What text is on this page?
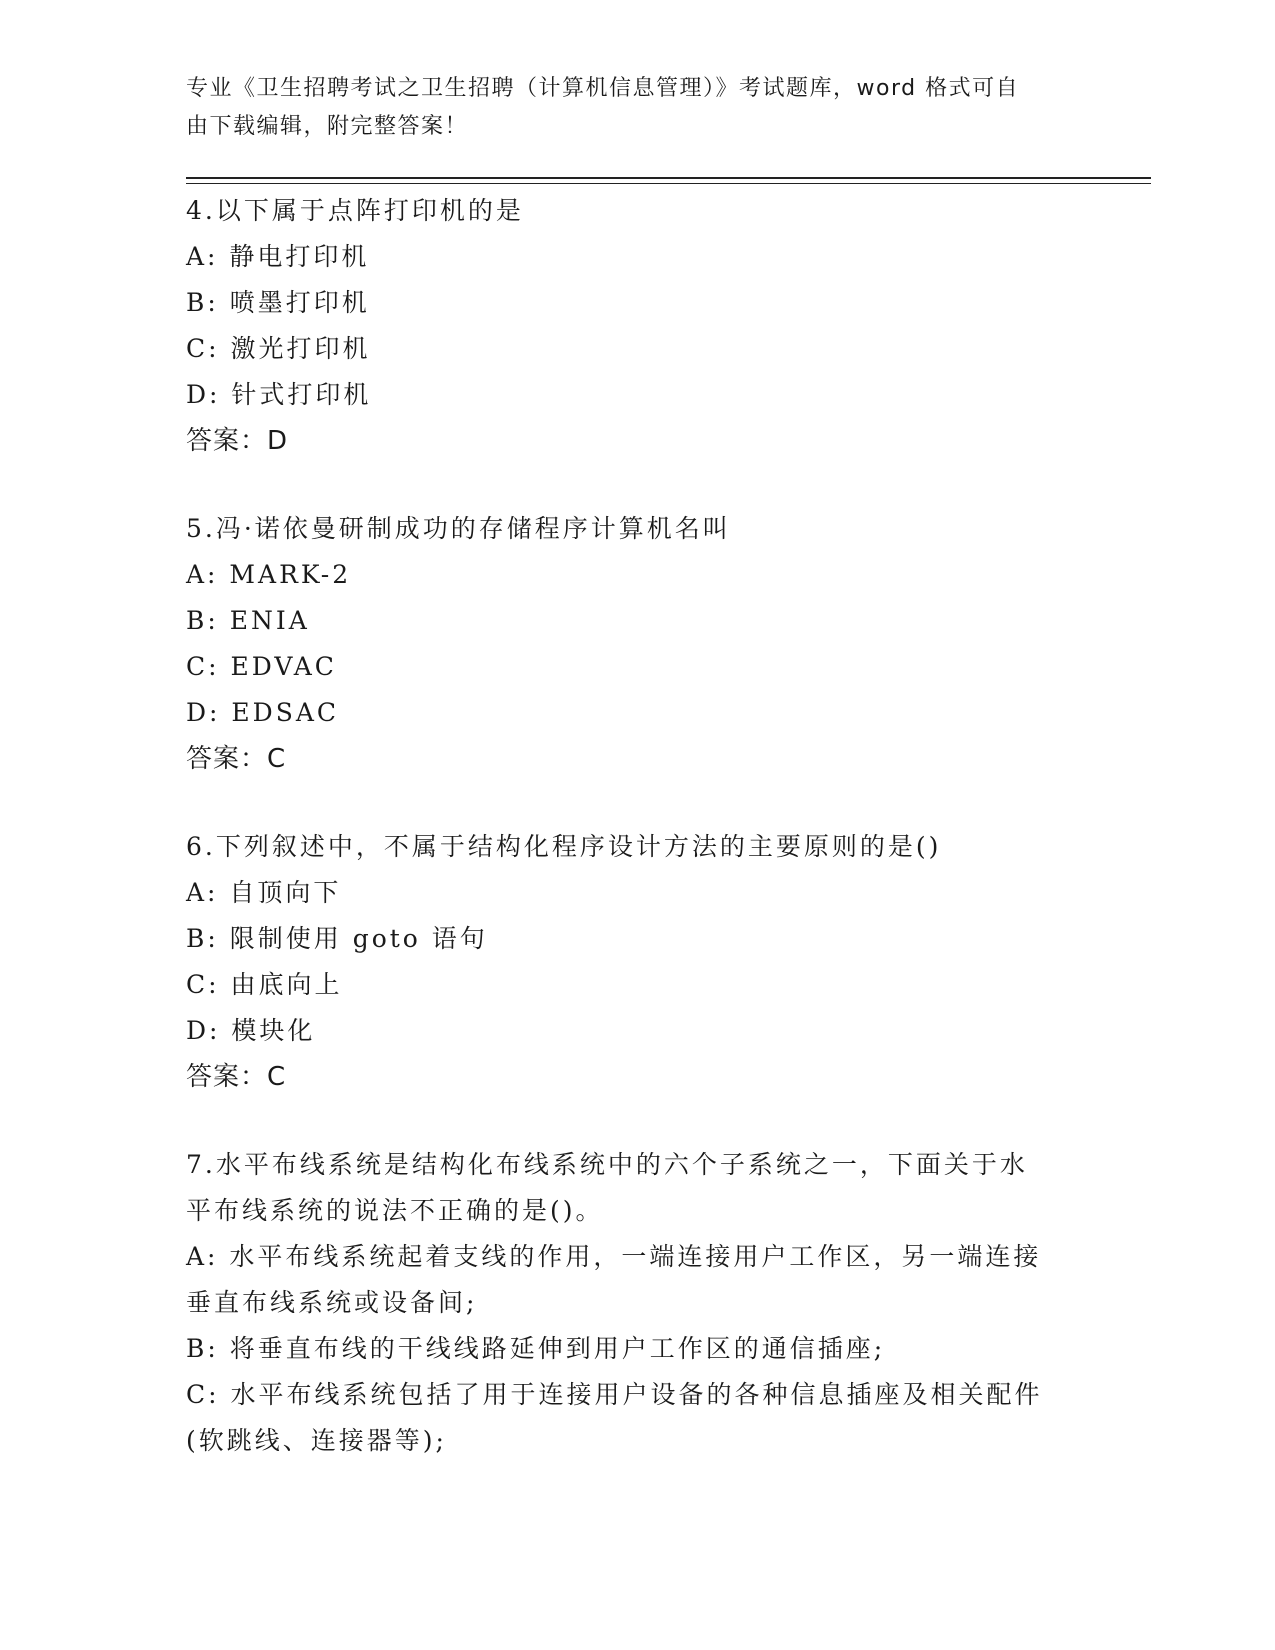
专业《卫生招聘考试之卫生招聘（计算机信息管理）》考试题库，word 格式可自
由下载编辑，附完整答案！
4.以下属于点阵打印机的是
A: 静电打印机
B: 喷墨打印机
C: 激光打印机
D: 针式打印机
答案：D
5.冯·诺依曼研制成功的存储程序计算机名叫
A: MARK-2
B: ENIA
C: EDVAC
D: EDSAC
答案：C
6.下列叙述中，不属于结构化程序设计方法的主要原则的是()
A: 自顶向下
B: 限制使用 goto 语句
C: 由底向上
D: 模块化
答案：C
7.水平布线系统是结构化布线系统中的六个子系统之一，下面关于水
平布线系统的说法不正确的是()。
A: 水平布线系统起着支线的作用，一端连接用户工作区，另一端连接
垂直布线系统或设备间;
B: 将垂直布线的干线线路延伸到用户工作区的通信插座;
C: 水平布线系统包括了用于连接用户设备的各种信息插座及相关配件
(软跳线、连接器等);
